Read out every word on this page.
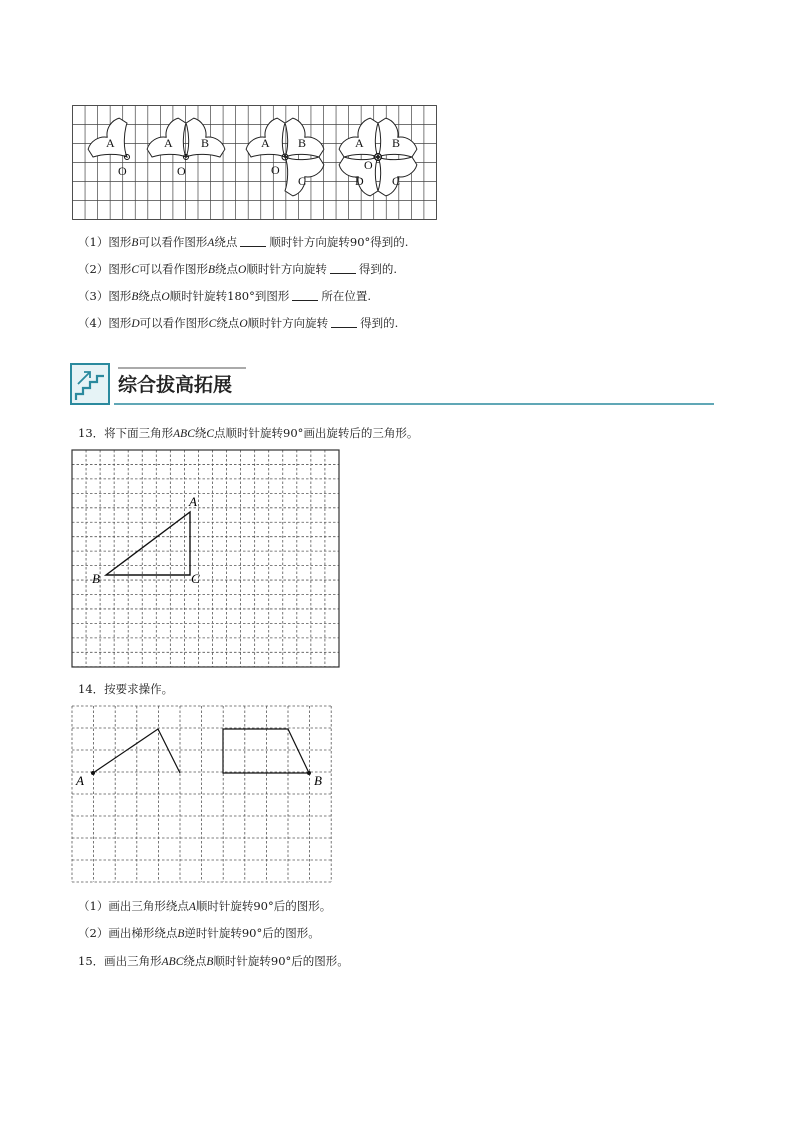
A
O
A B
O
A B
O
C
A B
O
D C
（1）图形B可以看作图形A绕点	顺时针方向旋转90°得到的.
（2）图形C可以看作图形B绕点O顺时针方向旋转	得到的.
（3）图形B绕点O顺时针旋转180°到图形	所在位置.
（4）图形D可以看作图形C绕点O顺时针方向旋转	得到的.
综合拔高拓展
13．将下面三角形ABC绕C点顺时针旋转90°画出旋转后的三角形。
A
B	C
14．按要求操作。
A	B
（1）画出三角形绕点A顺时针旋转90°后的图形。
（2）画出梯形绕点B逆时针旋转90°后的图形。
15．画出三角形ABC绕点B顺时针旋转90°后的图形。
